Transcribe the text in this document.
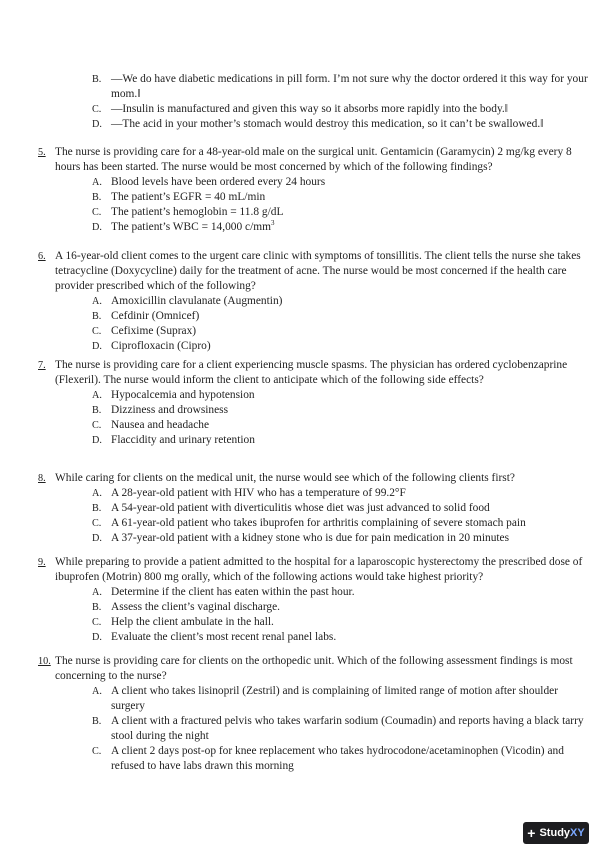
B. —We do have diabetic medications in pill form. I’m not sure why the doctor ordered it this way for your mom.‖
C. —Insulin is manufactured and given this way so it absorbs more rapidly into the body.‖
D. —The acid in your mother’s stomach would destroy this medication, so it can’t be swallowed.‖
5. The nurse is providing care for a 48-year-old male on the surgical unit. Gentamicin (Garamycin) 2 mg/kg every 8 hours has been started. The nurse would be most concerned by which of the following findings?

A. Blood levels have been ordered every 24 hours
B. The patient’s EGFR = 40 mL/min
C. The patient’s hemoglobin = 11.8 g/dL
D. The patient’s WBC = 14,000 $c/mm^3$
6. A 16-year-old client comes to the urgent care clinic with symptoms of tonsillitis. The client tells the nurse she takes tetracycline (Doxycycline) daily for the treatment of acne. The nurse would be most concerned if the health care provider prescribed which of the following?

A. Amoxicillin clavulanate (Augmentin)
B. Cefdinir (Omnicef)
C. Cefixime (Suprax)
D. Ciprofloxacin (Cipro)
7. The nurse is providing care for a client experiencing muscle spasms. The physician has ordered cyclobenzaprine (Flexeril). The nurse would inform the client to anticipate which of the following side effects?

A. Hypocalcemia and hypotension
B. Dizziness and drowsiness
C. Nausea and headache
D. Flaccidity and urinary retention
8. While caring for clients on the medical unit, the nurse would see which of the following clients first?

A. A 28-year-old patient with HIV who has a temperature of 99.2°F
B. A 54-year-old patient with diverticulitis whose diet was just advanced to solid food
C. A 61-year-old patient who takes ibuprofen for arthritis complaining of severe stomach pain
D. A 37-year-old patient with a kidney stone who is due for pain medication in 20 minutes
9. While preparing to provide a patient admitted to the hospital for a laparoscopic hysterectomy the prescribed dose of ibuprofen (Motrin) 800 mg orally, which of the following actions would take highest priority?

A. Determine if the client has eaten within the past hour.
B. Assess the client’s vaginal discharge.
C. Help the client ambulate in the hall.
D. Evaluate the client’s most recent renal panel labs.
10. The nurse is providing care for clients on the orthopedic unit. Which of the following assessment findings is most concerning to the nurse?

A. A client who takes lisinopril (Zestril) and is complaining of limited range of motion after shoulder surgery
B. A client with a fractured pelvis who takes warfarin sodium (Coumadin) and reports having a black tarry stool during the night
C. A client 2 days post-op for knee replacement who takes hydrocodone/acetaminophen (Vicodin) and refused to have labs drawn this morning
+ StudyXY
